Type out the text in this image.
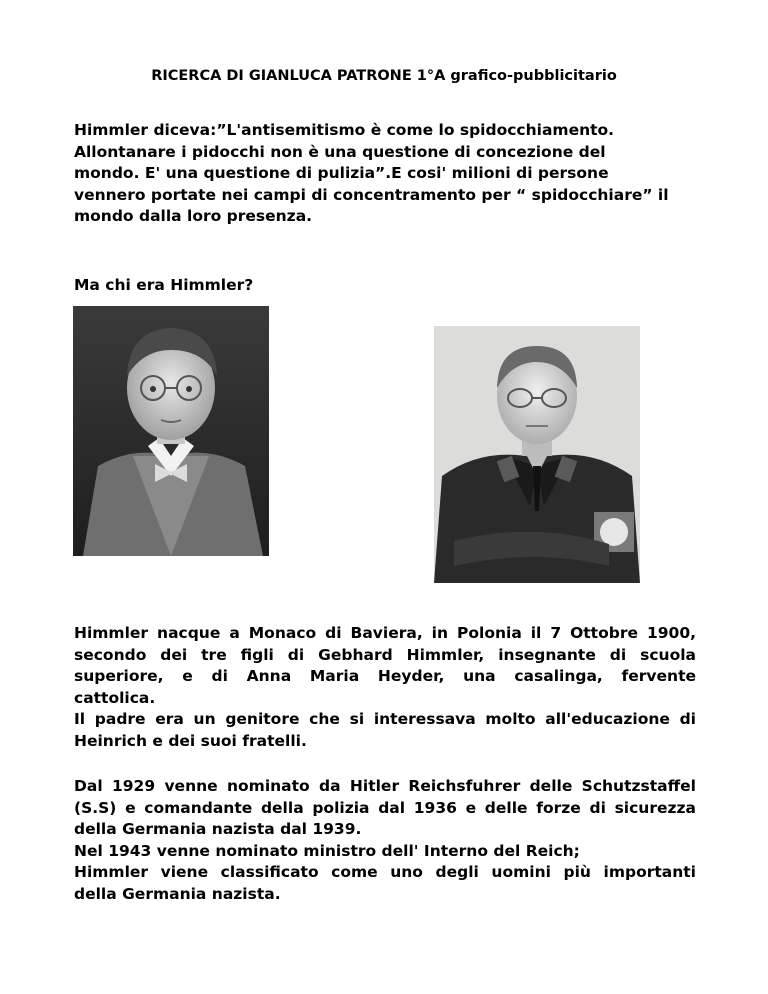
RICERCA DI GIANLUCA PATRONE 1°A grafico-pubblicitario

Himmler diceva:”L'antisemitismo è come lo spidocchiamento.
Allontanare i pidocchi non è una questione di concezione del
mondo. E' una questione di pulizia”.E cosi' milioni di persone
vennero portate nei campi di concentramento per “ spidocchiare” il
mondo dalla loro presenza.

Ma chi era Himmler?

Himmler nacque a Monaco di Baviera, in Polonia il 7 Ottobre 1900,
secondo dei tre figli di Gebhard Himmler, insegnante di scuola
superiore, e di Anna Maria Heyder, una casalinga, fervente
cattolica.
Il padre era un genitore che si interessava molto all'educazione di
Heinrich e dei suoi fratelli.
Dal 1929 venne nominato da Hitler Reichsfuhrer delle Schutzstaffel
(S.S) e comandante della polizia dal 1936 e delle forze di sicurezza
della Germania nazista dal 1939.
Nel 1943 venne nominato ministro dell' Interno del Reich;
Himmler viene classificato come uno degli uomini più importanti
della Germania nazista.
